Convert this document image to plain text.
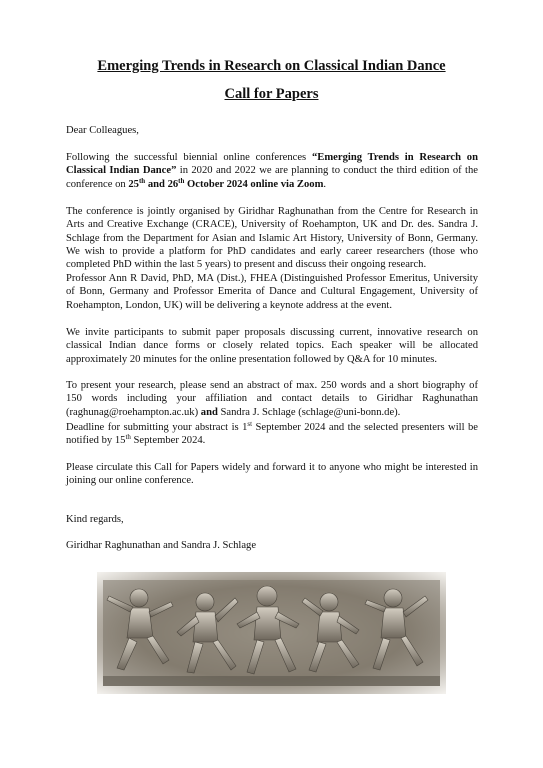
Emerging Trends in Research on Classical Indian Dance
Call for Papers

Dear Colleagues,

Following the successful biennial online conferences “Emerging Trends in Research on Classical Indian Dance” in 2020 and 2022 we are planning to conduct the third edition of the conference on 25th and 26th October 2024 online via Zoom.

The conference is jointly organised by Giridhar Raghunathan from the Centre for Research in Arts and Creative Exchange (CRACE), University of Roehampton, UK and Dr. des. Sandra J. Schlage from the Department for Asian and Islamic Art History, University of Bonn, Germany. We wish to provide a platform for PhD candidates and early career researchers (those who completed PhD within the last 5 years) to present and discuss their ongoing research.

Professor Ann R David, PhD, MA (Dist.), FHEA (Distinguished Professor Emeritus, University of Bonn, Germany and Professor Emerita of Dance and Cultural Engagement, University of Roehampton, London, UK) will be delivering a keynote address at the event.

We invite participants to submit paper proposals discussing current, innovative research on classical Indian dance forms or closely related topics. Each speaker will be allocated approximately 20 minutes for the online presentation followed by Q&A for 10 minutes.

To present your research, please send an abstract of max. 250 words and a short biography of 150 words including your affiliation and contact details to Giridhar Raghunathan (raghunag@roehampton.ac.uk) and Sandra J. Schlage (schlage@uni-bonn.de).

Deadline for submitting your abstract is 1st September 2024 and the selected presenters will be notified by 15th September 2024.

Please circulate this Call for Papers widely and forward it to anyone who might be interested in joining our online conference.

Kind regards,

Giridhar Raghunathan and Sandra J. Schlage
